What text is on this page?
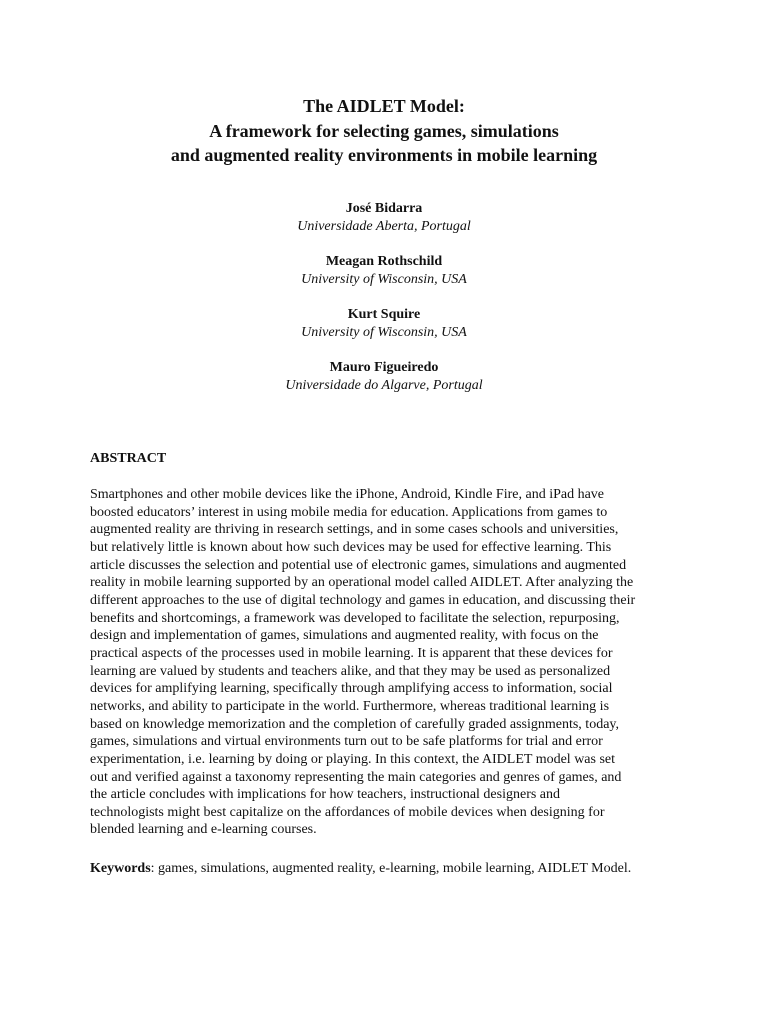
The AIDLET Model:
A framework for selecting games, simulations
and augmented reality environments in mobile learning
José Bidarra
Universidade Aberta, Portugal
Meagan Rothschild
University of Wisconsin, USA
Kurt Squire
University of Wisconsin, USA
Mauro Figueiredo
Universidade do Algarve, Portugal
ABSTRACT
Smartphones and other mobile devices like the iPhone, Android, Kindle Fire, and iPad have
boosted educators’ interest in using mobile media for education. Applications from games to
augmented reality are thriving in research settings, and in some cases schools and universities,
but relatively little is known about how such devices may be used for effective learning. This
article discusses the selection and potential use of electronic games, simulations and augmented
reality in mobile learning supported by an operational model called AIDLET. After analyzing the
different approaches to the use of digital technology and games in education, and discussing their
benefits and shortcomings, a framework was developed to facilitate the selection, repurposing,
design and implementation of games, simulations and augmented reality, with focus on the
practical aspects of the processes used in mobile learning. It is apparent that these devices for
learning are valued by students and teachers alike, and that they may be used as personalized
devices for amplifying learning, specifically through amplifying access to information, social
networks, and ability to participate in the world. Furthermore, whereas traditional learning is
based on knowledge memorization and the completion of carefully graded assignments, today,
games, simulations and virtual environments turn out to be safe platforms for trial and error
experimentation, i.e. learning by doing or playing. In this context, the AIDLET model was set
out and verified against a taxonomy representing the main categories and genres of games, and
the article concludes with implications for how teachers, instructional designers and
technologists might best capitalize on the affordances of mobile devices when designing for
blended learning and e-learning courses.
Keywords: games, simulations, augmented reality, e-learning, mobile learning, AIDLET Model.
